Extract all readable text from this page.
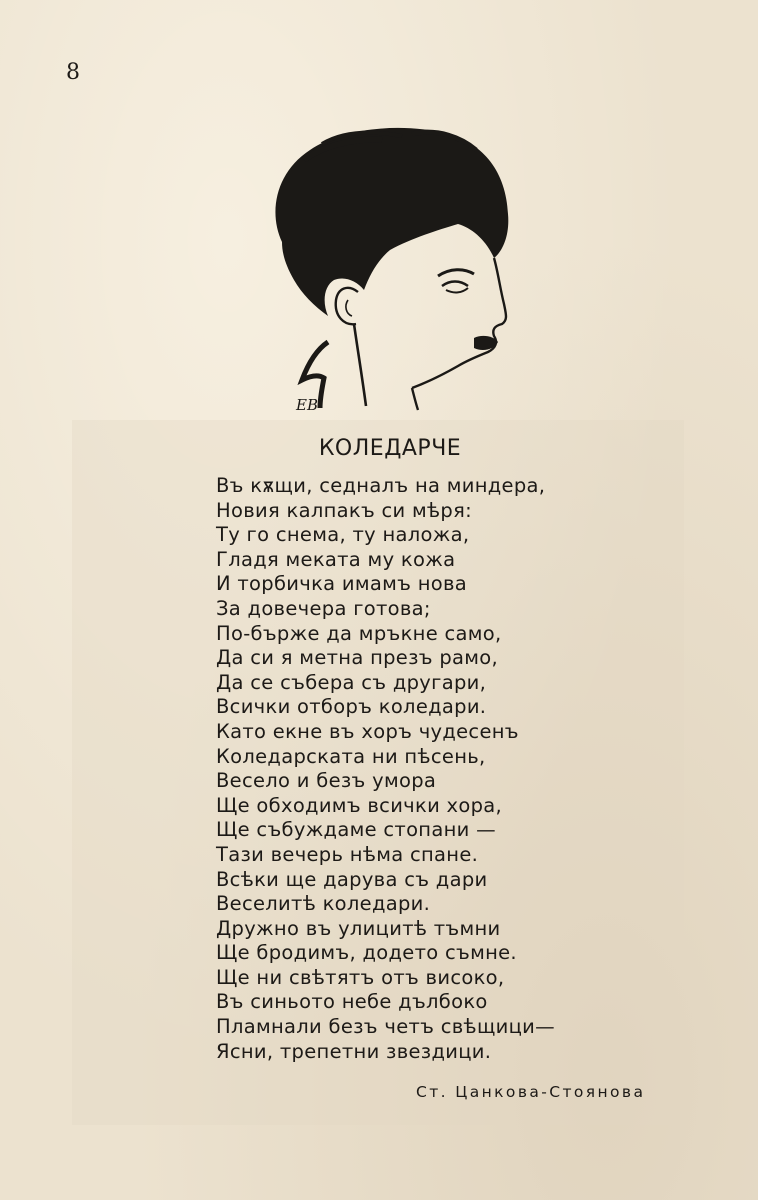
8
ЕВ
КОЛЕДАРЧЕ
Въ кѫщи, седналъ на миндера,
Новия калпакъ си мѣря:
Ту го снема, ту наложа,
Гладя меката му кожа
И торбичка имамъ нова
За довечера готова;
По-бърже да мръкне само,
Да си я метна презъ рамо,
Да се събера съ другари,
Всички отборъ коледари.
Като екне въ хоръ чудесенъ
Коледарската ни пѣсень,
Весело и безъ умора
Ще обходимъ всички хора,
Ще събуждаме стопани —
Тази вечерь нѣма спане.
Всѣки ще дарува съ дари
Веселитѣ коледари.
Дружно въ улицитѣ тъмни
Ще бродимъ, додето съмне.
Ще ни свѣтятъ отъ високо,
Въ синьото небе дълбоко
Пламнали безъ четъ свѣщици—
Ясни, трепетни звездици.
Ст. Цанкова-Стоянова
